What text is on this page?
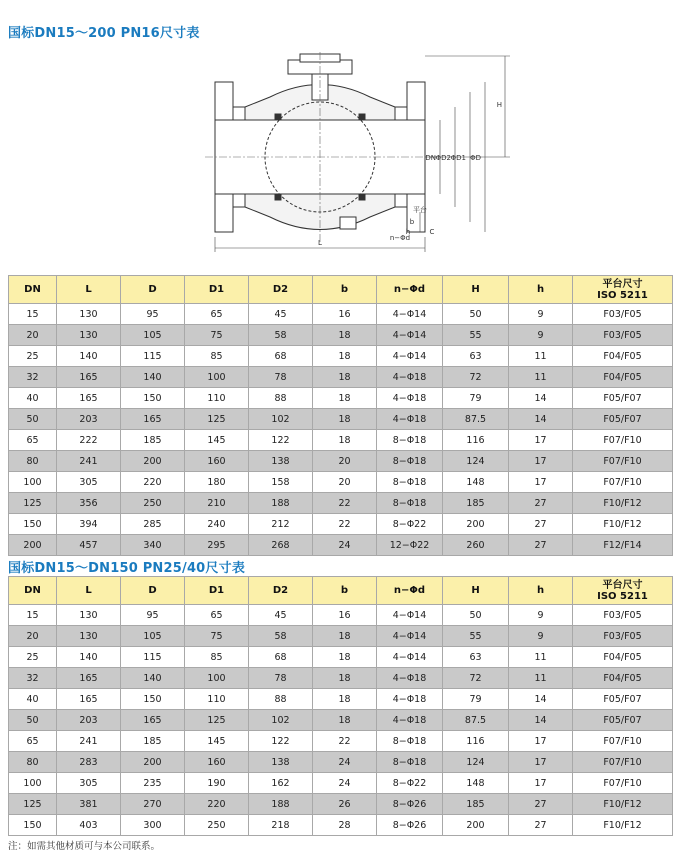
国标DN15～200 PN16尺寸表
L
DN ΦD2 ΦD1 ΦD
H
C
n−Φd
b
h
平台
DN	L	D	D1	D2	b	n−Φd	H	h	平台尺寸
ISO 5211
15	130	95	65	45	16	4−Φ14	50	9	F03/F05
20	130	105	75	58	18	4−Φ14	55	9	F03/F05
25	140	115	85	68	18	4−Φ14	63	11	F04/F05
32	165	140	100	78	18	4−Φ18	72	11	F04/F05
40	165	150	110	88	18	4−Φ18	79	14	F05/F07
50	203	165	125	102	18	4−Φ18	87.5	14	F05/F07
65	222	185	145	122	18	8−Φ18	116	17	F07/F10
80	241	200	160	138	20	8−Φ18	124	17	F07/F10
100	305	220	180	158	20	8−Φ18	148	17	F07/F10
125	356	250	210	188	22	8−Φ18	185	27	F10/F12
150	394	285	240	212	22	8−Φ22	200	27	F10/F12
200	457	340	295	268	24	12−Φ22	260	27	F12/F14
国标DN15～DN150 PN25/40尺寸表
DN	L	D	D1	D2	b	n−Φd	H	h	平台尺寸
ISO 5211
15	130	95	65	45	16	4−Φ14	50	9	F03/F05
20	130	105	75	58	18	4−Φ14	55	9	F03/F05
25	140	115	85	68	18	4−Φ14	63	11	F04/F05
32	165	140	100	78	18	4−Φ18	72	11	F04/F05
40	165	150	110	88	18	4−Φ18	79	14	F05/F07
50	203	165	125	102	18	4−Φ18	87.5	14	F05/F07
65	241	185	145	122	22	8−Φ18	116	17	F07/F10
80	283	200	160	138	24	8−Φ18	124	17	F07/F10
100	305	235	190	162	24	8−Φ22	148	17	F07/F10
125	381	270	220	188	26	8−Φ26	185	27	F10/F12
150	403	300	250	218	28	8−Φ26	200	27	F10/F12
注：如需其他材质可与本公司联系。
